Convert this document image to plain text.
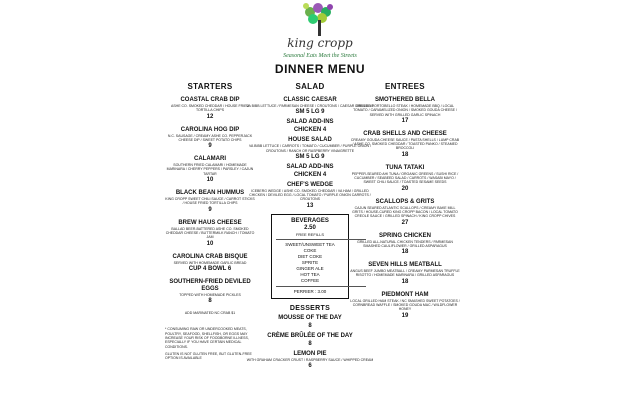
king cropp
Seasonal Eats Meet the Streets
DINNER MENU
STARTERS
COASTAL CRAB DIP
ASHE CO. SMOKED CHEDDAR / HOUSE FRIED TORTILLA CHIPS
12
CAROLINA HOG DIP
N.C. SAUSAGE / CREAMY ASHE CO. PEPPERJACK CHEESE DIP / SWEET POTATO CHIPS
9
CALAMARI
SOUTHERN FRIED CALAMARI / HOMEMADE MARINARA / CHERRY PEPPERS / PARSLEY / CAJUN TARTAR
10
BLACK BEAN HUMMUS
KING CROPP SWEET CHILI SAUCE / CARROT STICKS / HOUSE FRIED TORTILLA CHIPS
9
BREW HAUS CHEESE
BALLAD BEER-BATTERED ASHE CO. SMOKED CHEDDAR CHEESE / BUTTERMILK RANCH / TOMATO JAM
10
CAROLINA CRAB BISQUE
SERVED WITH HOMEMADE GARLIC BREAD
CUP 4 BOWL 6
SOUTHERN-FRIED DEVILED EGGS
TOPPED WITH HOMEMADE PICKLES
8
ADD MARINATED NC CRAB $1
* CONSUMING RAW OR UNDERCOOKED MEATS, POULTRY, SEAFOOD, SHELLFISH, OR EGGS MAY INCREASE YOUR RISK OF FOODBORNE ILLNESS, ESPECIALLY IF YOU HAVE CERTAIN MEDICAL CONDITIONS.
GLUTEN IS NOT GLUTEN FREE, BUT GLUTEN-FREE OPTION IS AVAILABLE
SALAD
CLASSIC CAESAR
VA BIBB LETTUCE / PARMESAN CHEESE / CROUTONS / CAESAR DRESSING
SM 5 LG 9
SALAD ADD-INS
CHICKEN 4
HOUSE SALAD
VA BIBB LETTUCE / CARROTS / TOMATO / CUCUMBER / PURPLE ONION / CROUTONS / RANCH OR RASPBERRY VINAIGRETTE
SM 5 LG 9
SALAD ADD-INS
CHICKEN 4
CHEF'S WEDGE
ICEBERG WEDGE / ASHE CO. SMOKED CHEDDAR / VA HAM / GRILLED CHICKEN / DEVILED EGG / LOCAL TOMATO / PURPLE ONION CARROTS / CROUTONS
13
BEVERAGES
2.50
FREE REFILLS
SWEET/UNSWEET TEA
COKE
DIET COKE
SPRITE
GINGER ALE
HOT TEA
COFFEE
PERRIER : 3.00
DESSERTS
MOUSSE OF THE DAY
8
CRÈME BRÛLÉE OF THE DAY
8
LEMON PIE
WITH GRAHAM CRACKER CRUST / RASPBERRY SAUCE / WHIPPED CREAM
6
ENTREES
SMOTHERED BELLA
GRILLED PORTOBELLO STEAK / HOMEMADE BBQ / LOCAL TOMATO / CARAMELIZED ONION / SMOKED GOUDA CHEESE / SERVED WITH GRILLED GARLIC SPINACH
17
CRAB SHELLS AND CHEESE
CREAMY GOUDA CHEESE SAUCE / PASTA SHELLS / LUMP CRAB / ASHE CO. SMOKED CHEDDAR / TOASTED PANKO / STEAMED BROCCOLI
18
TUNA TATAKI
PEPPER-SEARED AHI TUNA / ORGANIC GREENS / SUSHI RICE / CUCUMBER / SEABEED SALAD / CARROTS / WASABI MAYO / SWEET CHILI SAUCE / TOASTED SESAME SEEDS
20
SCALLOPS & GRITS
CAJUN SEARED ATLANTIC SCALLOPS / CREAMY BAKE MILL GRITS / HOUSE-CURED KING CROPP BACON / LOCAL TOMATO CREOLE SAUCE / GRILLED SPINACH / KING CROPP CHIVES
27
SPRING CHICKEN
GRILLED ALL-NATURAL CHICKEN TENDERS / PARMESAN SMASHED CAULIFLOWER / GRILLED ASPARAGUS
18
SEVEN HILLS MEATBALL
ANGUS BEEF JUMBO MEATBALL / CREAMY PARMESAN TRUFFLE RISOTTO / HOMEMADE MARINARA / GRILLED ASPARAGUS
18
PIEDMONT HAM
LOCAL GRILLED HAM STEAK / NC SMASHED SWEET POTATOES / CORNBREAD WAFFLE / SMOKED GOUDA MAC / WILDFLOWER HONEY
19
